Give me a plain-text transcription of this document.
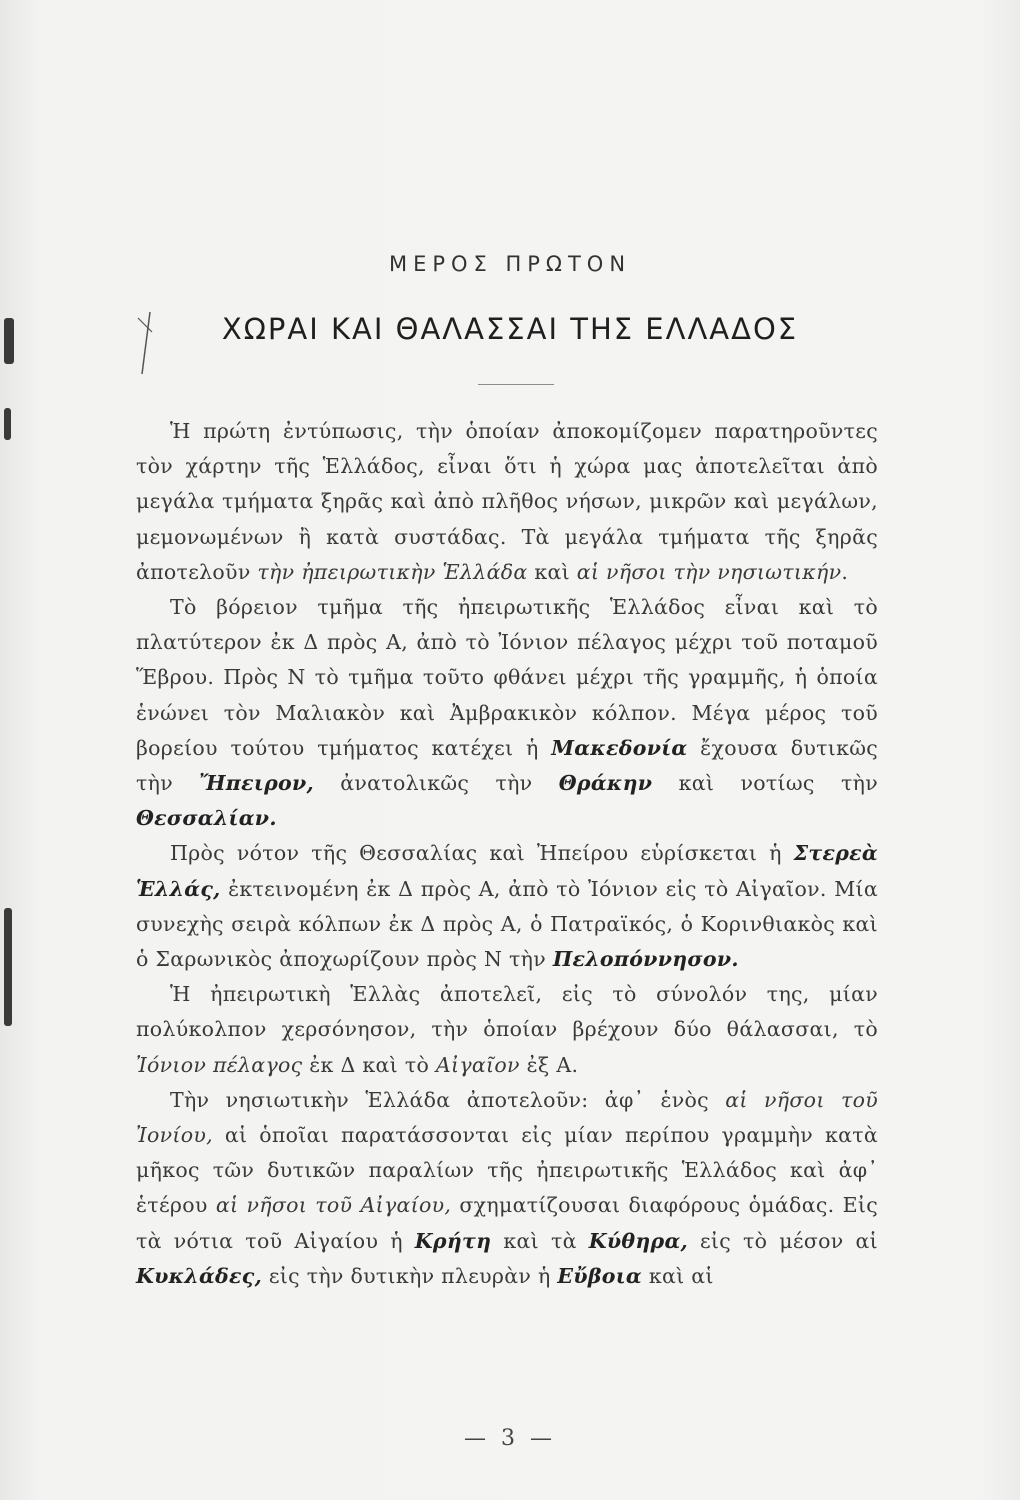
ΜΕΡΟΣ ΠΡΩΤΟΝ
ΧΩΡΑΙ ΚΑΙ ΘΑΛΑΣΣΑΙ ΤΗΣ ΕΛΛΑΔΟΣ

Ἡ πρώτη ἐντύπωσις, τὴν ὁποίαν ἀποκομίζομεν παρατηροῦντες τὸν χάρτην τῆς Ἑλλάδος, εἶναι ὅτι ἡ χώρα μας ἀποτελεῖται ἀπὸ μεγάλα τμήματα ξηρᾶς καὶ ἀπὸ πλῆθος νήσων, μικρῶν καὶ μεγάλων, μεμονωμένων ἢ κατὰ συστάδας. Τὰ μεγάλα τμήματα τῆς ξηρᾶς ἀποτελοῦν τὴν ἠπειρωτικὴν Ἑλλάδα καὶ αἱ νῆσοι τὴν νησιωτικήν.

Τὸ βόρειον τμῆμα τῆς ἠπειρωτικῆς Ἑλλάδος εἶναι καὶ τὸ πλατύτερον ἐκ Δ πρὸς Α, ἀπὸ τὸ Ἰόνιον πέλαγος μέχρι τοῦ ποταμοῦ Ἕβρου. Πρὸς Ν τὸ τμῆμα τοῦτο φθάνει μέχρι τῆς γραμμῆς, ἡ ὁποία ἑνώνει τὸν Μαλιακὸν καὶ Ἀμβρακικὸν κόλπον. Μέγα μέρος τοῦ βορείου τούτου τμήματος κατέχει ἡ Μακεδονία ἔχουσα δυτικῶς τὴν Ἤπειρον, ἀνατολικῶς τὴν Θράκην καὶ νοτίως τὴν Θεσσαλίαν.

Πρὸς νότον τῆς Θεσσαλίας καὶ Ἠπείρου εὑρίσκεται ἡ Στερεὰ Ἑλλάς, ἐκτεινομένη ἐκ Δ πρὸς Α, ἀπὸ τὸ Ἰόνιον εἰς τὸ Αἰγαῖον. Μία συνεχὴς σειρὰ κόλπων ἐκ Δ πρὸς Α, ὁ Πατραϊκός, ὁ Κορινθιακὸς καὶ ὁ Σαρωνικὸς ἀποχωρίζουν πρὸς Ν τὴν Πελοπόννησον.

Ἡ ἠπειρωτικὴ Ἑλλὰς ἀποτελεῖ, εἰς τὸ σύνολόν της, μίαν πολύκολπον χερσόνησον, τὴν ὁποίαν βρέχουν δύο θάλασσαι, τὸ Ἰόνιον πέλαγος ἐκ Δ καὶ τὸ Αἰγαῖον ἐξ Α.

Τὴν νησιωτικὴν Ἑλλάδα ἀποτελοῦν: ἀφ᾿ ἑνὸς αἱ νῆσοι τοῦ Ἰονίου, αἱ ὁποῖαι παρατάσσονται εἰς μίαν περίπου γραμμὴν κατὰ μῆκος τῶν δυτικῶν παραλίων τῆς ἠπειρωτικῆς Ἑλλάδος καὶ ἀφ᾿ ἑτέρου αἱ νῆσοι τοῦ Αἰγαίου, σχηματίζουσαι διαφόρους ὁμάδας. Εἰς τὰ νότια τοῦ Αἰγαίου ἡ Κρήτη καὶ τὰ Κύθηρα, εἰς τὸ μέσον αἱ Κυκλάδες, εἰς τὴν δυτικὴν πλευρὰν ἡ Εὔβοια καὶ αἱ

— 3 —
